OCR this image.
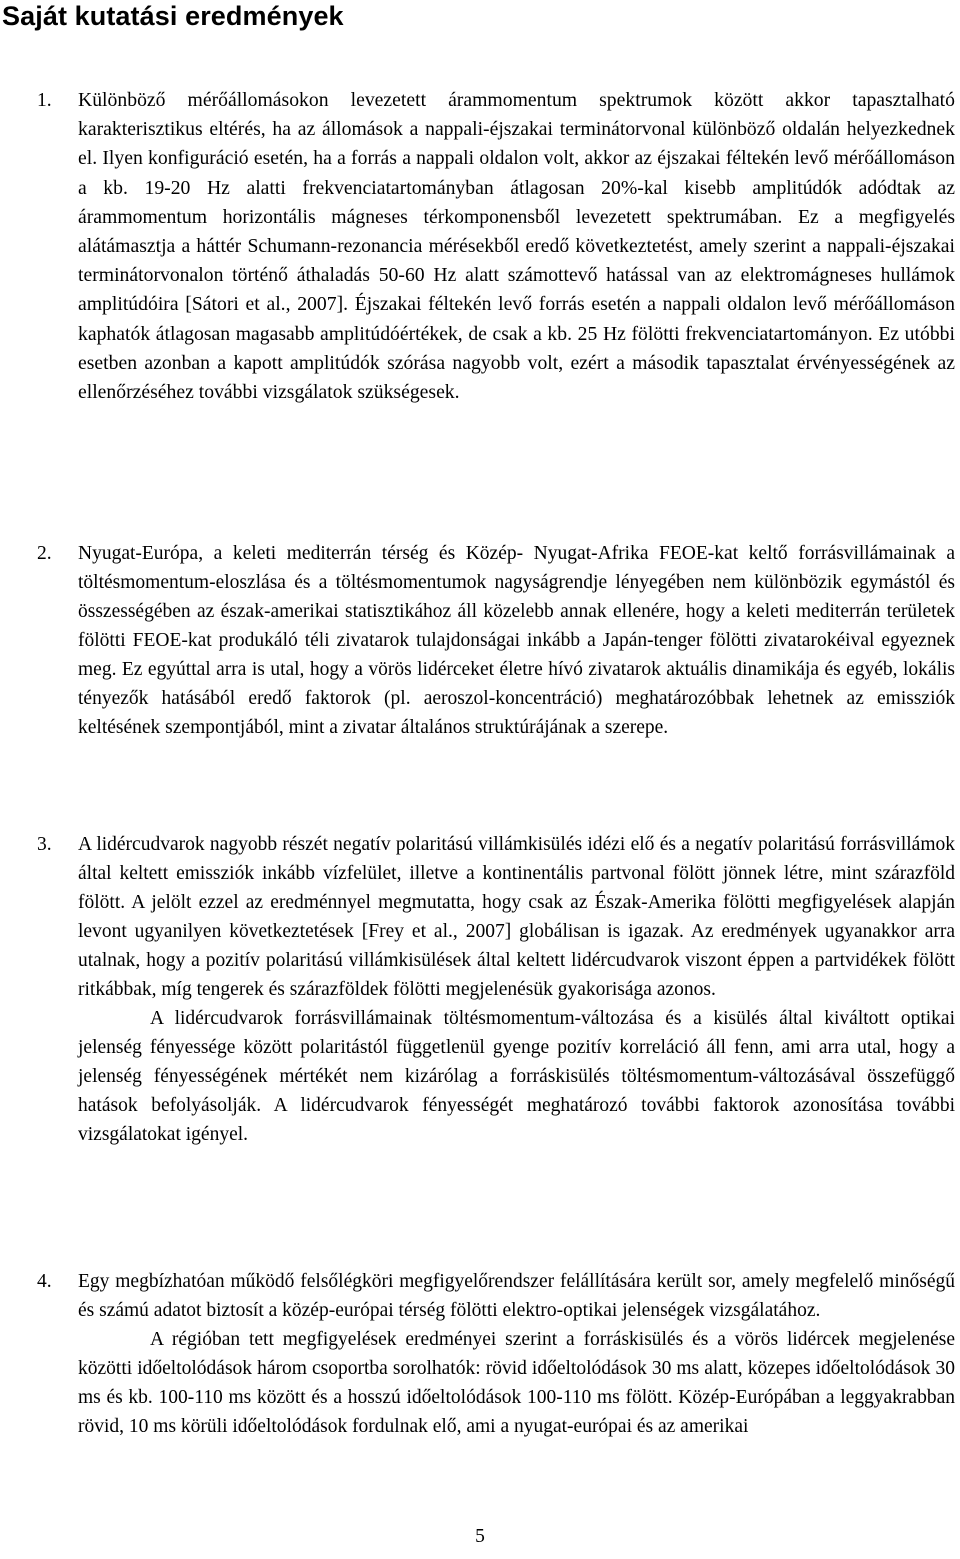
Saját kutatási eredmények
1. Különböző mérőállomásokon levezetett árammomentum spektrumok között akkor tapasztalható karakterisztikus eltérés, ha az állomások a nappali-éjszakai terminátorvonal különböző oldalán helyezkednek el. Ilyen konfiguráció esetén, ha a forrás a nappali oldalon volt, akkor az éjszakai féltekén levő mérőállomáson a kb. 19-20 Hz alatti frekvenciatartományban átlagosan 20%-kal kisebb amplitúdók adódtak az árammomentum horizontális mágneses térkomponensből levezetett spektrumában. Ez a megfigyelés alátámasztja a háttér Schumann-rezonancia mérésekből eredő következtetést, amely szerint a nappali-éjszakai terminátorvonalon történő áthaladás 50-60 Hz alatt számottevő hatással van az elektromágneses hullámok amplitúdóira [Sátori et al., 2007]. Éjszakai féltekén levő forrás esetén a nappali oldalon levő mérőállomáson kaphatók átlagosan magasabb amplitúdóértékek, de csak a kb. 25 Hz fölötti frekvenciatartományon. Ez utóbbi esetben azonban a kapott amplitúdók szórása nagyobb volt, ezért a második tapasztalat érvényességének az ellenőrzéséhez további vizsgálatok szükségesek.

2. Nyugat-Európa, a keleti mediterrán térség és Közép- Nyugat-Afrika FEOE-kat keltő forrásvillámainak a töltésmomentum-eloszlása és a töltésmomentumok nagyságrendje lényegében nem különbözik egymástól és összességében az észak-amerikai statisztikához áll közelebb annak ellenére, hogy a keleti mediterrán területek fölötti FEOE-kat produkáló téli zivatarok tulajdonságai inkább a Japán-tenger fölötti zivatarokéival egyeznek meg. Ez egyúttal arra is utal, hogy a vörös lidérceket életre hívó zivatarok aktuális dinamikája és egyéb, lokális tényezők hatásából eredő faktorok (pl. aeroszol-koncentráció) meghatározóbbak lehetnek az emissziók keltésének szempontjából, mint a zivatar általános struktúrájának a szerepe.

3. A lidércudvarok nagyobb részét negatív polaritású villámkisülés idézi elő és a negatív polaritású forrásvillámok által keltett emissziók inkább vízfelület, illetve a kontinentális partvonal fölött jönnek létre, mint szárazföld fölött. A jelölt ezzel az eredménnyel megmutatta, hogy csak az Észak-Amerika fölötti megfigyelések alapján levont ugyanilyen következtetések [Frey et al., 2007] globálisan is igazak. Az eredmények ugyanakkor arra utalnak, hogy a pozitív polaritású villámkisülések által keltett lidércudvarok viszont éppen a partvidékek fölött ritkábbak, míg tengerek és szárazföldek fölötti megjelenésük gyakorisága azonos.

A lidércudvarok forrásvillámainak töltésmomentum-változása és a kisülés által kiváltott optikai jelenség fényessége között polaritástól függetlenül gyenge pozitív korreláció áll fenn, ami arra utal, hogy a jelenség fényességének mértékét nem kizárólag a forráskisülés töltésmomentum-változásával összefüggő hatások befolyásolják. A lidércudvarok fényességét meghatározó további faktorok azonosítása további vizsgálatokat igényel.

4. Egy megbízhatóan működő felsőlégköri megfigyelőrendszer felállítására került sor, amely megfelelő minőségű és számú adatot biztosít a közép-európai térség fölötti elektro-optikai jelenségek vizsgálatához.

A régióban tett megfigyelések eredményei szerint a forráskisülés és a vörös lidércek megjelenése közötti időeltolódások három csoportba sorolhatók: rövid időeltolódások 30 ms alatt, közepes időeltolódások 30 ms és kb. 100-110 ms között és a hosszú időeltolódások 100-110 ms fölött. Közép-Európában a leggyakrabban rövid, 10 ms körüli időeltolódások fordulnak elő, ami a nyugat-európai és az amerikai

5
